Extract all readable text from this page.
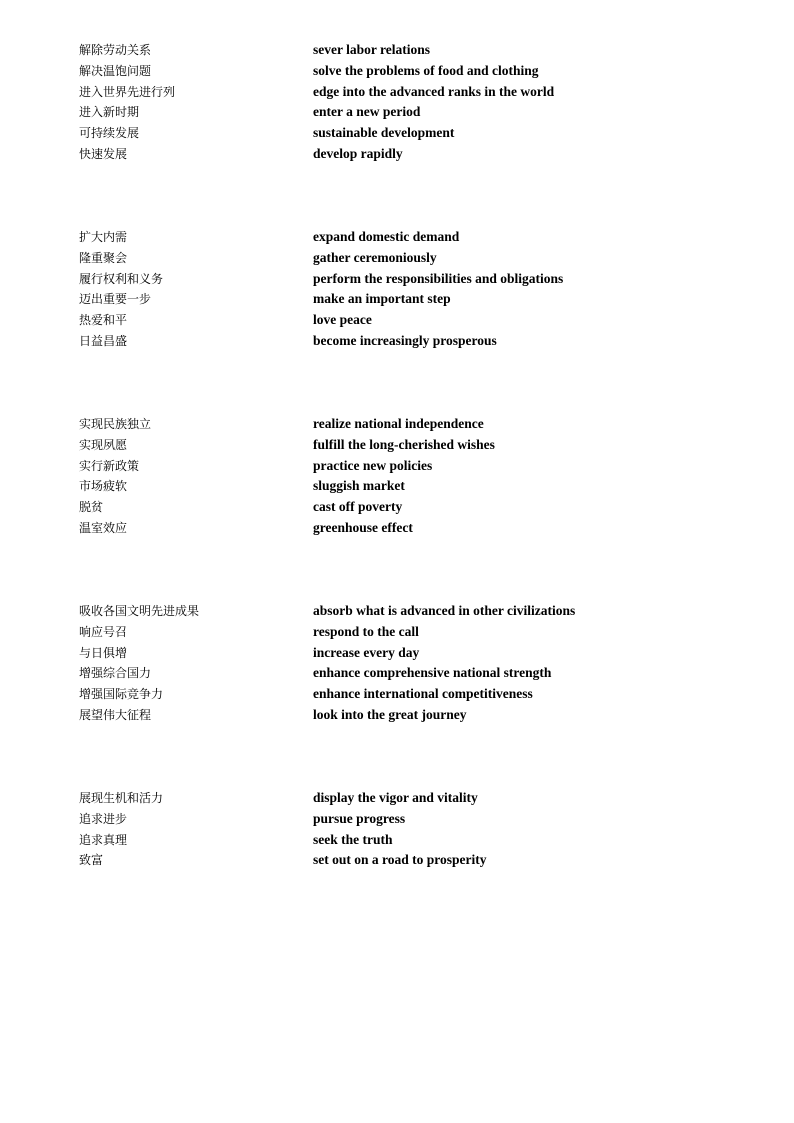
解除劳动关系	sever labor relations
解决温饱问题	solve the problems of food and clothing
进入世界先进行列	edge into the advanced ranks in the world
进入新时期	enter a new period
可持续发展	sustainable development
快速发展	develop rapidly
扩大内需	expand domestic demand
隆重聚会	gather ceremoniously
履行权利和义务	perform the responsibilities and obligations
迈出重要一步	make an important step
热爱和平	love peace
日益昌盛	become increasingly prosperous
实现民族独立	realize national independence
实现夙愿	fulfill the long-cherished wishes
实行新政策	practice new policies
市场疲软	sluggish market
脱贫	cast off poverty
温室效应	greenhouse effect
吸收各国文明先进成果	absorb what is advanced in other civilizations
响应号召	respond to the call
与日俱增	increase every day
增强综合国力	enhance comprehensive national strength
增强国际竞争力	enhance international competitiveness
展望伟大征程	look into the great journey
展现生机和活力	display the vigor and vitality
追求进步	pursue progress
追求真理	seek the truth
致富	set out on a road to prosperity
